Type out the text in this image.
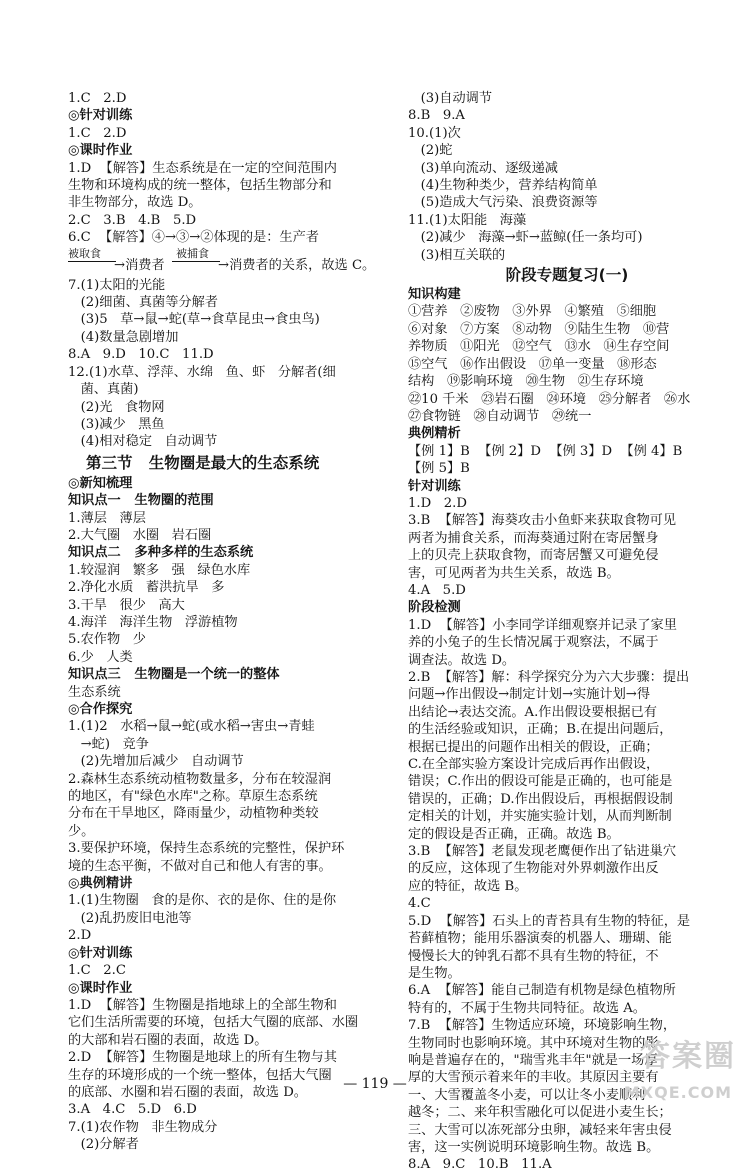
1.C   2.D
◎针对训练
1.C   2.D
◎课时作业
1.D  【解答】生态系统是在一定的空间范围内
生物和环境构成的统一整体，包括生物部分和
非生物部分，故选 D。
2.C   3.B   4.B   5.D
6.C  【解答】④→③→②体现的是：生产者
被取食
→消费者
被捕食
→消费者的关系，故选 C。
7.(1)太阳的光能
(2)细菌、真菌等分解者
(3)5   草→鼠→蛇(草→食草昆虫→食虫鸟)
(4)数量急剧增加
8.A   9.D   10.C   11.D
12.(1)水草、浮萍、水绵   鱼、虾   分解者(细
菌、真菌)
(2)光   食物网
(3)减少   黑鱼
(4)相对稳定   自动调节
第三节   生物圈是最大的生态系统
◎新知梳理
知识点一   生物圈的范围
1.薄层   薄层
2.大气圈   水圈   岩石圈
知识点二   多种多样的生态系统
1.较湿润   繁多   强   绿色水库
2.净化水质   蓄洪抗旱   多
3.干旱   很少   高大
4.海洋   海洋生物   浮游植物
5.农作物   少
6.少   人类
知识点三   生物圈是一个统一的整体
生态系统
◎合作探究
1.(1)2   水稻→鼠→蛇(或水稻→害虫→青蛙
→蛇)   竞争
(2)先增加后减少   自动调节
2.森林生态系统动植物数量多，分布在较湿润
的地区，有"绿色水库"之称。草原生态系统
分布在干旱地区，降雨量少，动植物种类较
少。
3.要保护环境，保持生态系统的完整性，保护环
境的生态平衡，不做对自己和他人有害的事。
◎典例精讲
1.(1)生物圈   食的是你、衣的是你、住的是你
(2)乱扔废旧电池等
2.D
◎针对训练
1.C   2.C
◎课时作业
1.D  【解答】生物圈是指地球上的全部生物和
它们生活所需要的环境，包括大气圈的底部、水圈
的大部和岩石圈的表面，故选 D。
2.D  【解答】生物圈是地球上的所有生物与其
生存的环境形成的一个统一整体，包括大气圈
的底部、水圈和岩石圈的表面，故选 D。
3.A   4.C   5.D   6.D
7.(1)农作物   非生物成分
(2)分解者
(3)自动调节
8.B   9.A
10.(1)次
(2)蛇
(3)单向流动、逐级递减
(4)生物种类少，营养结构简单
(5)造成大气污染、浪费资源等
11.(1)太阳能   海藻
(2)减少   海藻→虾→蓝鲸(任一条均可)
(3)相互关联的
阶段专题复习(一)
知识构建
①营养   ②废物   ③外界   ④繁殖   ⑤细胞
⑥对象   ⑦方案   ⑧动物   ⑨陆生生物   ⑩营
养物质   ⑪阳光   ⑫空气   ⑬水   ⑭生存空间
⑮空气   ⑯作出假设   ⑰单一变量   ⑱形态
结构   ⑲影响环境   ⑳生物   ㉑生存环境
㉒10 千米   ㉓岩石圈   ㉔环境   ㉕分解者   ㉖水
㉗食物链   ㉘自动调节   ㉙统一
典例精析
【例 1】B  【例 2】D  【例 3】D  【例 4】B
【例 5】B
针对训练
1.D   2.D
3.B  【解答】海葵攻击小鱼虾来获取食物可见
两者为捕食关系，而海葵通过附在寄居蟹身
上的贝壳上获取食物，而寄居蟹又可避免侵
害，可见两者为共生关系，故选 B。
4.A   5.D
阶段检测
1.D  【解答】小李同学详细观察并记录了家里
养的小兔子的生长情况属于观察法，不属于
调查法。故选 D。
2.B  【解答】解：科学探究分为六大步骤：提出
问题→作出假设→制定计划→实施计划→得
出结论→表达交流。A.作出假设要根据已有
的生活经验或知识，正确；B.在提出问题后，
根据已提出的问题作出相关的假设，正确；
C.在全部实验方案设计完成后再作出假设，
错误；C.作出的假设可能是正确的，也可能是
错误的，正确；D.作出假设后，再根据假设制
定相关的计划，并实施实验计划，从而判断制
定的假设是否正确，正确。故选 B。
3.B  【解答】老鼠发现老鹰便作出了钻进巢穴
的反应，这体现了生物能对外界刺激作出反
应的特征，故选 B。
4.C
5.D  【解答】石头上的青苔具有生物的特征，是
苔藓植物；能用乐器演奏的机器人、珊瑚、能
慢慢长大的钟乳石都不具有生物的特征，不
是生物。
6.A  【解答】能自己制造有机物是绿色植物所
特有的，不属于生物共同特征。故选 A。
7.B  【解答】生物适应环境，环境影响生物，
生物同时也影响环境。其中环境对生物的影
响是普遍存在的，"瑞雪兆丰年"就是一场厚
厚的大雪预示着来年的丰收。其原因主要有
一、大雪覆盖冬小麦，可以让冬小麦顺利
越冬；二、来年积雪融化可以促进小麦生长；
三、大雪可以冻死部分虫卵，减轻来年害虫侵
害，这一实例说明环境影响生物。故选 B。
8.A   9.C   10.B   11.A
— 119 —
答案圈
MXQE.COM
